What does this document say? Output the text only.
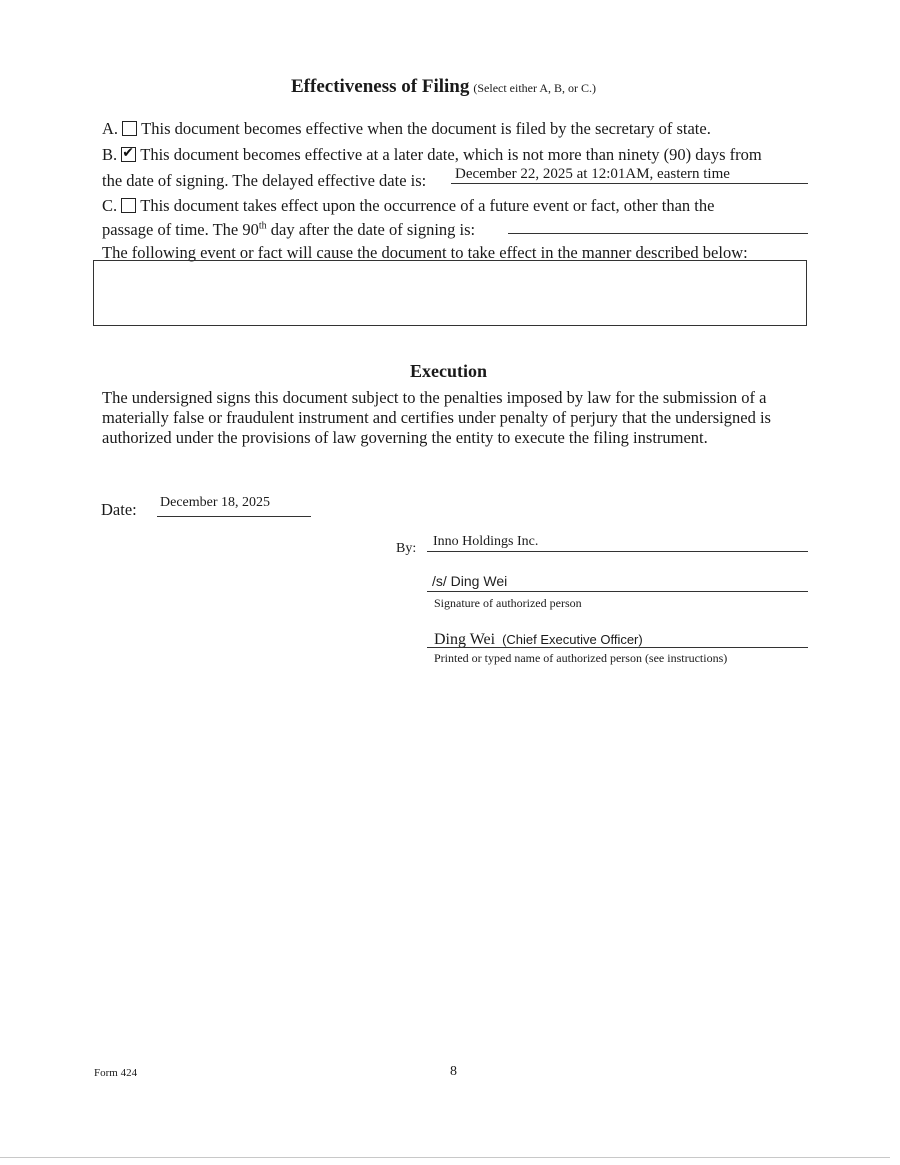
Effectiveness of Filing (Select either A, B, or C.)
A. This document becomes effective when the document is filed by the secretary of state.
B. ✔ This document becomes effective at a later date, which is not more than ninety (90) days from
the date of signing. The delayed effective date is: December 22, 2025 at 12:01AM, eastern time
C. This document takes effect upon the occurrence of a future event or fact, other than the
passage of time. The 90th day after the date of signing is:
The following event or fact will cause the document to take effect in the manner described below:
Execution
The undersigned signs this document subject to the penalties imposed by law for the submission of a
materially false or fraudulent instrument and certifies under penalty of perjury that the undersigned is
authorized under the provisions of law governing the entity to execute the filing instrument.
Date: December 18, 2025
By: Inno Holdings Inc.
/s/ Ding Wei
Signature of authorized person
Ding Wei (Chief Executive Officer)
Printed or typed name of authorized person (see instructions)
Form 424	8
